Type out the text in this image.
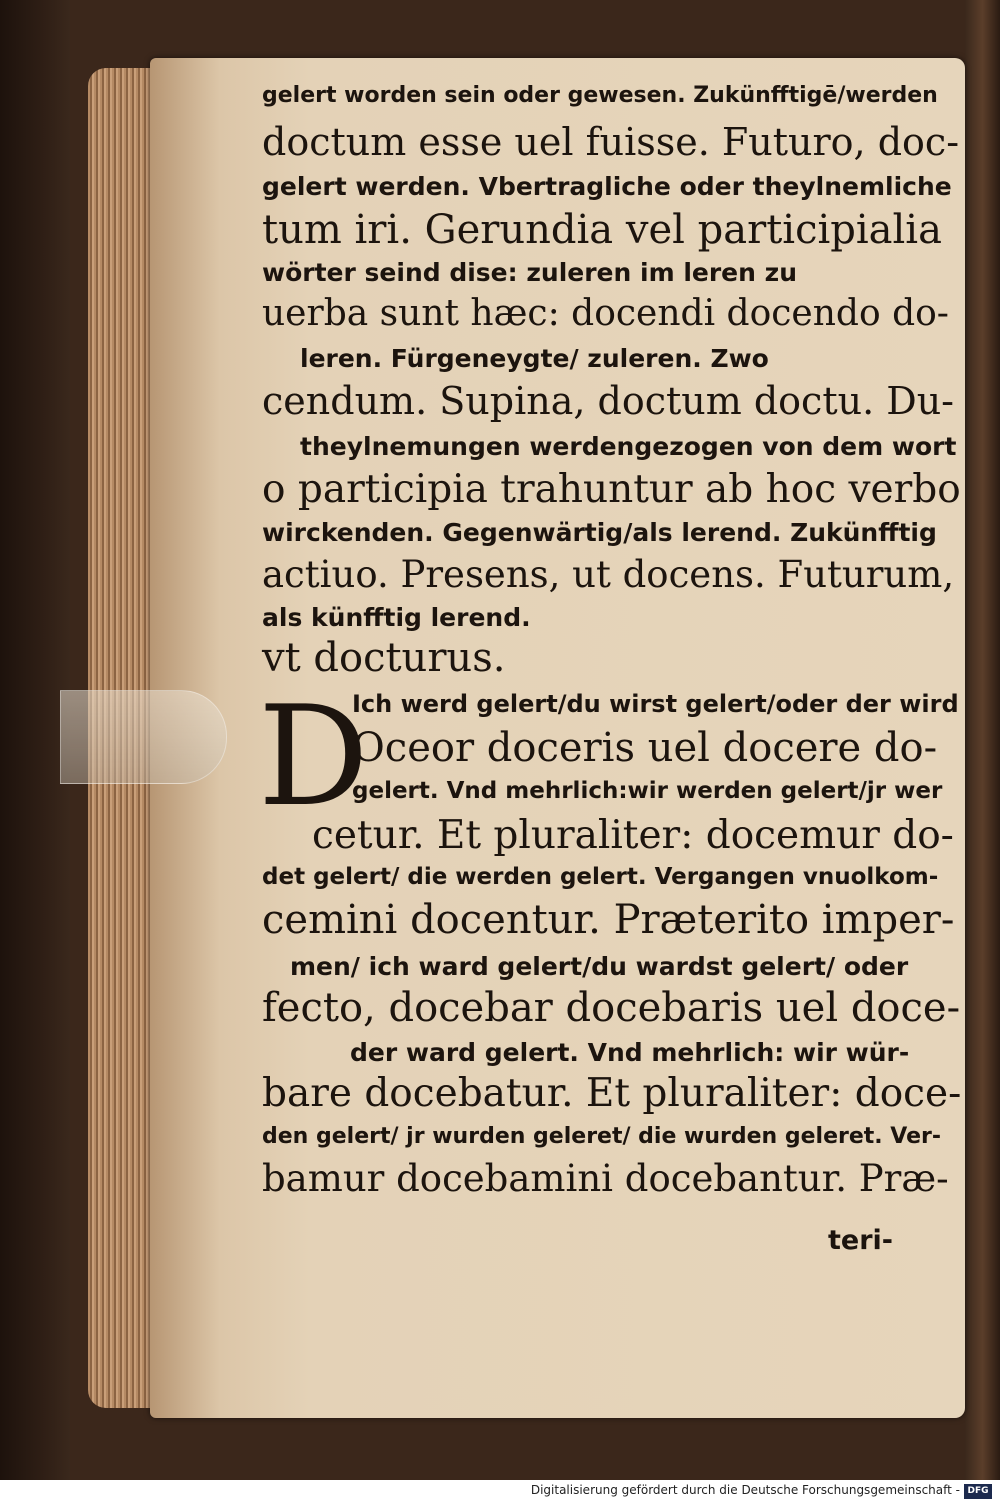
gelert worden sein oder gewesen. Zukünfftigē/werden
doctum esse uel fuisse. Futuro, doc-
gelert werden. Vbertragliche oder theylnemliche
tum iri. Gerundia vel participialia
wörter seind dise: zuleren im leren zu
uerba sunt hæc: docendi docendo do-
leren. Fürgeneygte/ zuleren. Zwo
cendum. Supina, doctum doctu. Du-
theylnemungen werdengezogen von dem wort
o participia trahuntur ab hoc verbo
wirckenden. Gegenwärtig/als lerend. Zukünfftig
actiuo. Presens, ut docens. Futurum,
als künfftig lerend.
vt docturus.
D
Ich werd gelert/du wirst gelert/oder der wird
Oceor doceris uel docere do-
gelert. Vnd mehrlich:wir werden gelert/jr wer
cetur. Et pluraliter: docemur do-
det gelert/ die werden gelert. Vergangen vnuolkom-
cemini docentur. Præterito imper-
men/ ich ward gelert/du wardst gelert/ oder
fecto, docebar docebaris uel doce-
der ward gelert. Vnd mehrlich: wir wür-
bare docebatur. Et pluraliter: doce-
den gelert/ jr wurden geleret/ die wurden geleret. Ver-
bamur docebamini docebantur. Præ-
teri-
Digitalisierung gefördert durch die Deutsche Forschungsgemeinschaft - DFG
